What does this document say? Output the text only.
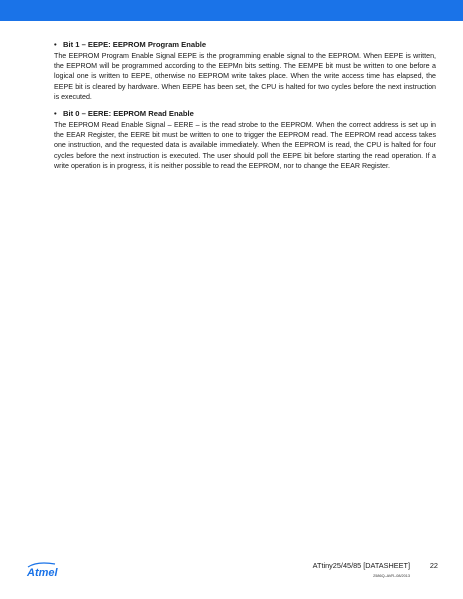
• Bit 1 – EEPE: EEPROM Program Enable

The EEPROM Program Enable Signal EEPE is the programming enable signal to the EEPROM. When EEPE is written, the EEPROM will be programmed according to the EEPMn bits setting. The EEMPE bit must be written to one before a logical one is written to EEPE, otherwise no EEPROM write takes place. When the write access time has elapsed, the EEPE bit is cleared by hardware. When EEPE has been set, the CPU is halted for two cycles before the next instruction is executed.

• Bit 0 – EERE: EEPROM Read Enable

The EEPROM Read Enable Signal – EERE – is the read strobe to the EEPROM. When the correct address is set up in the EEAR Register, the EERE bit must be written to one to trigger the EEPROM read. The EEPROM read access takes one instruction, and the requested data is available immediately. When the EEPROM is read, the CPU is halted for four cycles before the next instruction is executed. The user should poll the EEPE bit before starting the read operation. If a write operation is in progress, it is neither possible to read the EEPROM, nor to change the EEAR Register.

Atmel
ATtiny25/45/85 [DATASHEET]	22
2586Q–AVR–08/2013
